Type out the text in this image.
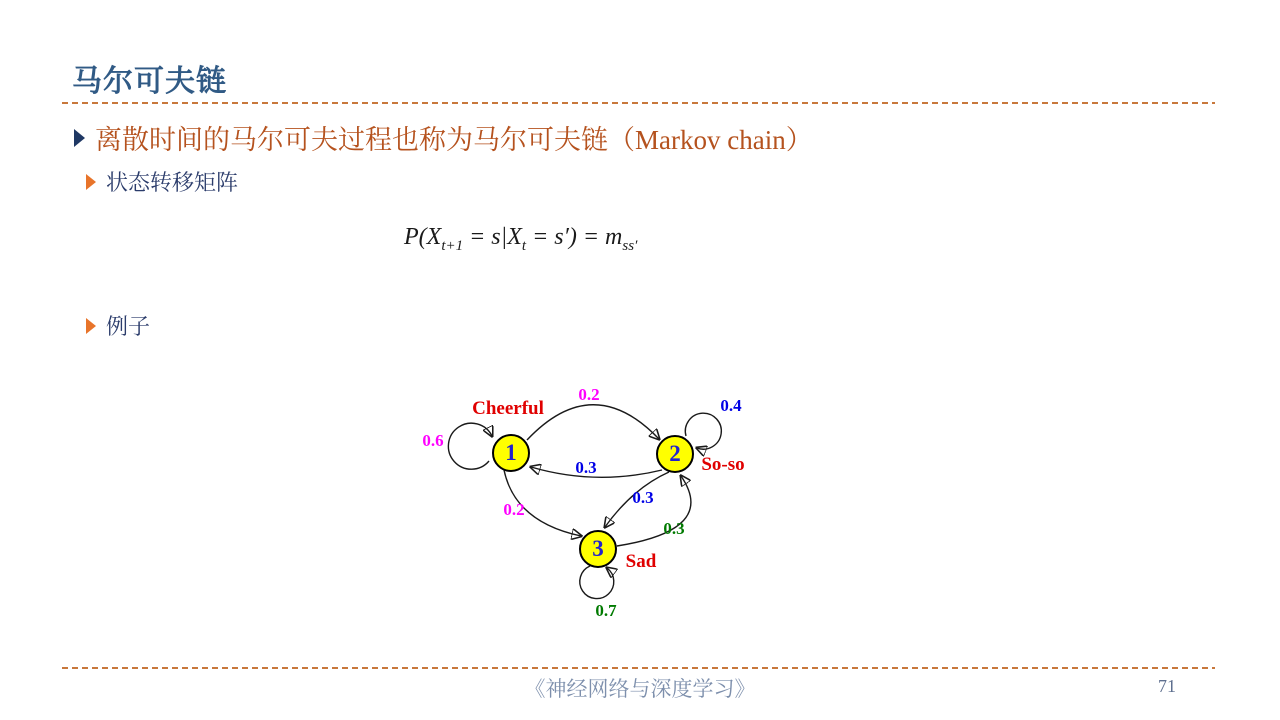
马尔可夫链
离散时间的马尔可夫过程也称为马尔可夫链（Markov chain）
状态转移矩阵
$P(X_{t+1} = s|X_t = s') = m_{ss'}$
例子
1	2
3
Cheerful
So-so
Sad
0.6
0.4
0.7
0.2
0.3
0.2
0.3
0.3
《神经网络与深度学习》	71
